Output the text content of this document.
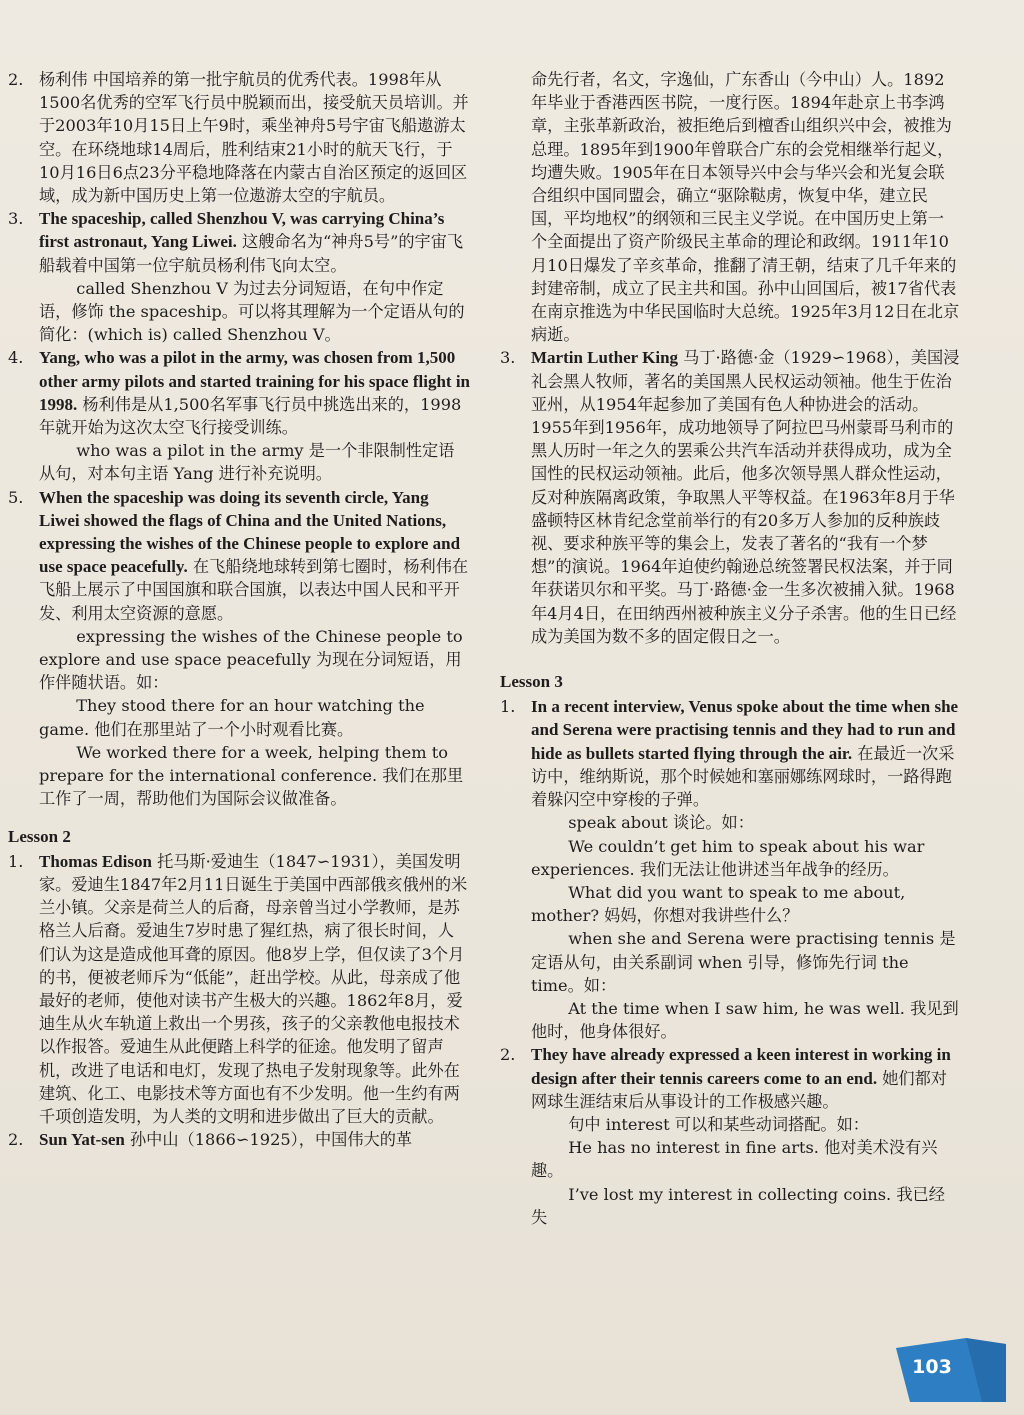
2. 杨利伟 中国培养的第一批宇航员的优秀代表。1998年从1500名优秀的空军飞行员中脱颖而出，接受航天员培训。并于2003年10月15日上午9时，乘坐神舟5号宇宙飞船遨游太空。在环绕地球14周后，胜利结束21小时的航天飞行，于10月16日6点23分平稳地降落在内蒙古自治区预定的返回区域，成为新中国历史上第一位遨游太空的宇航员。

3. The spaceship, called Shenzhou V, was carrying China’s first astronaut, Yang Liwei. 这艘命名为“神舟5号”的宇宙飞船载着中国第一位宇航员杨利伟飞向太空。

called Shenzhou V 为过去分词短语，在句中作定语，修饰 the spaceship。可以将其理解为一个定语从句的简化：(which is) called Shenzhou V。

4. Yang, who was a pilot in the army, was chosen from 1,500 other army pilots and started training for his space flight in 1998. 杨利伟是从1,500名军事飞行员中挑选出来的，1998年就开始为这次太空飞行接受训练。

who was a pilot in the army 是一个非限制性定语从句，对本句主语 Yang 进行补充说明。

5. When the spaceship was doing its seventh circle, Yang Liwei showed the flags of China and the United Nations, expressing the wishes of the Chinese people to explore and use space peacefully. 在飞船绕地球转到第七圈时，杨利伟在飞船上展示了中国国旗和联合国旗，以表达中国人民和平开发、利用太空资源的意愿。

expressing the wishes of the Chinese people to explore and use space peacefully 为现在分词短语，用作伴随状语。如：

They stood there for an hour watching the game. 他们在那里站了一个小时观看比赛。

We worked there for a week, helping them to prepare for the international conference. 我们在那里工作了一周，帮助他们为国际会议做准备。

Lesson 2
1. Thomas Edison 托马斯·爱迪生（1847∽1931），美国发明家。爱迪生1847年2月11日诞生于美国中西部俄亥俄州的米兰小镇。父亲是荷兰人的后裔，母亲曾当过小学教师，是苏格兰人后裔。爱迪生7岁时患了猩红热，病了很长时间，人们认为这是造成他耳聋的原因。他8岁上学，但仅读了3个月的书，便被老师斥为“低能”，赶出学校。从此，母亲成了他最好的老师，使他对读书产生极大的兴趣。1862年8月，爱迪生从火车轨道上救出一个男孩，孩子的父亲教他电报技术以作报答。爱迪生从此便踏上科学的征途。他发明了留声机，改进了电话和电灯，发现了热电子发射现象等。此外在建筑、化工、电影技术等方面也有不少发明。他一生约有两千项创造发明，为人类的文明和进步做出了巨大的贡献。

2. Sun Yat-sen 孙中山（1866∽1925），中国伟大的革

命先行者，名文，字逸仙，广东香山（今中山）人。1892年毕业于香港西医书院，一度行医。1894年赴京上书李鸿章，主张革新政治，被拒绝后到檀香山组织兴中会，被推为总理。1895年到1900年曾联合广东的会党相继举行起义，均遭失败。1905年在日本领导兴中会与华兴会和光复会联合组织中国同盟会，确立“驱除鞑虏，恢复中华，建立民国，平均地权”的纲领和三民主义学说。在中国历史上第一个全面提出了资产阶级民主革命的理论和政纲。1911年10月10日爆发了辛亥革命，推翻了清王朝，结束了几千年来的封建帝制，成立了民主共和国。孙中山回国后，被17省代表在南京推选为中华民国临时大总统。1925年3月12日在北京病逝。

3. Martin Luther King 马丁·路德·金（1929∽1968），美国浸礼会黑人牧师，著名的美国黑人民权运动领袖。他生于佐治亚州，从1954年起参加了美国有色人种协进会的活动。1955年到1956年，成功地领导了阿拉巴马州蒙哥马利市的黑人历时一年之久的罢乘公共汽车活动并获得成功，成为全国性的民权运动领袖。此后，他多次领导黑人群众性运动，反对种族隔离政策，争取黑人平等权益。在1963年8月于华盛顿特区林肯纪念堂前举行的有20多万人参加的反种族歧视、要求种族平等的集会上，发表了著名的“我有一个梦想”的演说。1964年迫使约翰逊总统签署民权法案，并于同年获诺贝尔和平奖。马丁·路德·金一生多次被捕入狱。1968年4月4日，在田纳西州被种族主义分子杀害。他的生日已经成为美国为数不多的固定假日之一。

Lesson 3
1. In a recent interview, Venus spoke about the time when she and Serena were practising tennis and they had to run and hide as bullets started flying through the air. 在最近一次采访中，维纳斯说，那个时候她和塞丽娜练网球时，一路得跑着躲闪空中穿梭的子弹。

speak about 谈论。如：

We couldn’t get him to speak about his war experiences. 我们无法让他讲述当年战争的经历。

What did you want to speak to me about, mother? 妈妈，你想对我讲些什么？

when she and Serena were practising tennis 是定语从句，由关系副词 when 引导，修饰先行词 the time。如：

At the time when I saw him, he was well. 我见到他时，他身体很好。

2. They have already expressed a keen interest in working in design after their tennis careers come to an end. 她们都对网球生涯结束后从事设计的工作极感兴趣。

句中 interest 可以和某些动词搭配。如：

He has no interest in fine arts. 他对美术没有兴趣。

I’ve lost my interest in collecting coins. 我已经失

103
